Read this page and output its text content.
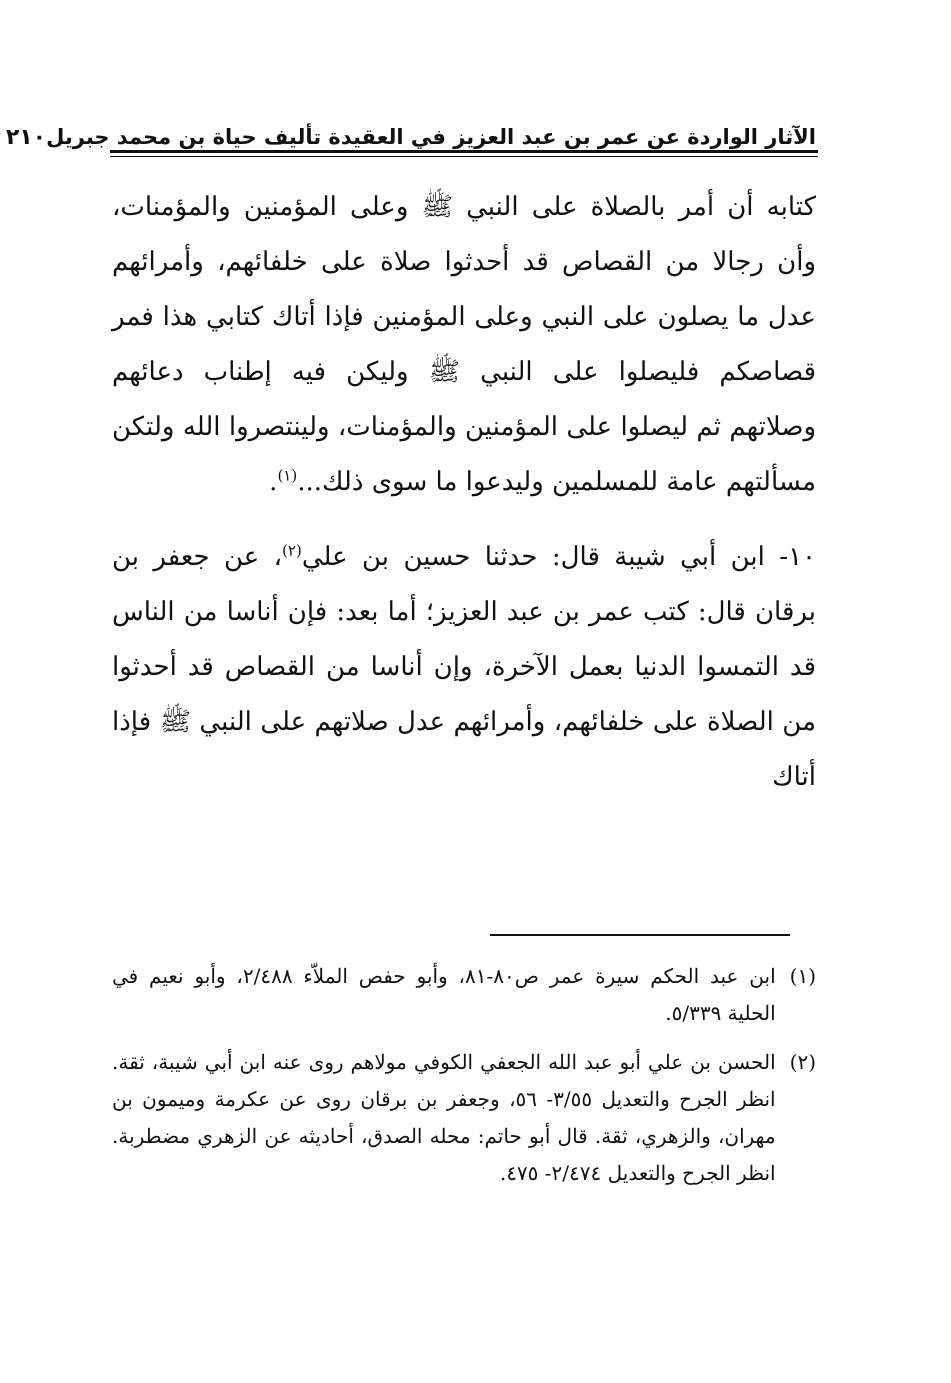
الآثار الواردة عن عمر بن عبد العزيز في العقيدة تأليف حياة بن محمد جبريل
٢١٠

كتابه أن أمر بالصلاة على النبي ﷺ وعلى المؤمنين والمؤمنات، وأن رجالا من القصاص قد أحدثوا صلاة على خلفائهم، وأمرائهم عدل ما يصلون على النبي وعلى المؤمنين فإذا أتاك كتابي هذا فمر قصاصكم فليصلوا على النبي ﷺ وليكن فيه إطناب دعائهم وصلاتهم ثم ليصلوا على المؤمنين والمؤمنات، ولينتصروا الله ولتكن مسألتهم عامة للمسلمين وليدعوا ما سوى ذلك...$^{(١)}$.

١٠- ابن أبي شيبة قال: حدثنا حسين بن علي$^{(٢)}$، عن جعفر بن برقان قال: كتب عمر بن عبد العزيز؛ أما بعد: فإن أناسا من الناس قد التمسوا الدنيا بعمل الآخرة، وإن أناسا من القصاص قد أحدثوا من الصلاة على خلفائهم، وأمرائهم عدل صلاتهم على النبي ﷺ فإذا أتاك

(١)
ابن عبد الحكم سيرة عمر ص٨٠-٨١، وأبو حفص الملاّء ٢/٤٨٨، وأبو نعيم في الحلية ٥/٣٣٩.
(٢)
الحسن بن علي أبو عبد الله الجعفي الكوفي مولاهم روى عنه ابن أبي شيبة، ثقة. انظر الجرح والتعديل ٣/٥٥- ٥٦، وجعفر بن برقان روى عن عكرمة وميمون بن مهران، والزهري، ثقة. قال أبو حاتم: محله الصدق، أحاديثه عن الزهري مضطربة. انظر الجرح والتعديل ٢/٤٧٤- ٤٧٥.
